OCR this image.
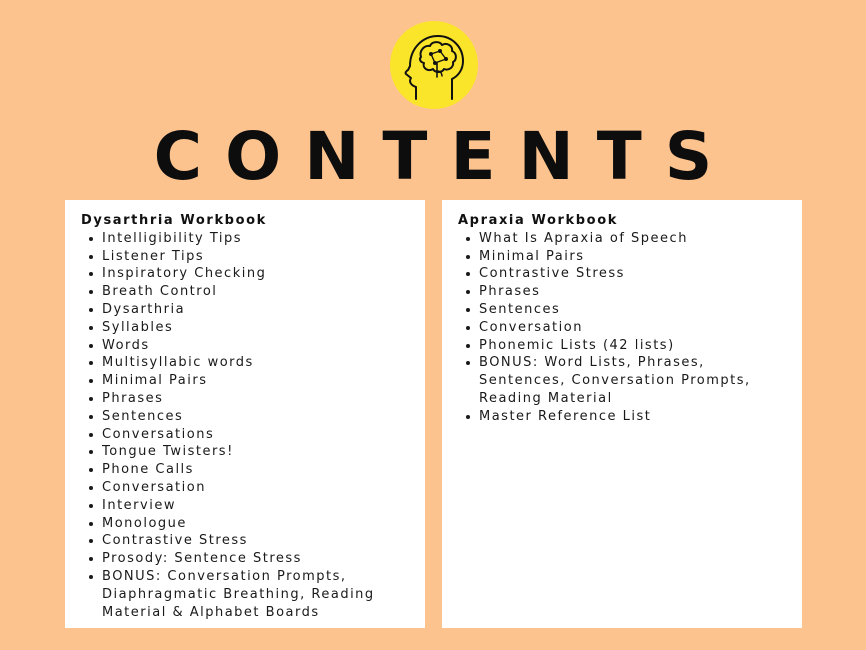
CONTENTS
Dysarthria Workbook
Intelligibility Tips
Listener Tips
Inspiratory Checking
Breath Control
Dysarthria
Syllables
Words
Multisyllabic words
Minimal Pairs
Phrases
Sentences
Conversations
Tongue Twisters!
Phone Calls
Conversation
Interview
Monologue
Contrastive Stress
Prosody: Sentence Stress
BONUS: Conversation Prompts, Diaphragmatic Breathing, Reading Material & Alphabet Boards
Apraxia Workbook
What Is Apraxia of Speech
Minimal Pairs
Contrastive Stress
Phrases
Sentences
Conversation
Phonemic Lists (42 lists)
BONUS: Word Lists, Phrases, Sentences, Conversation Prompts, Reading Material
Master Reference List
